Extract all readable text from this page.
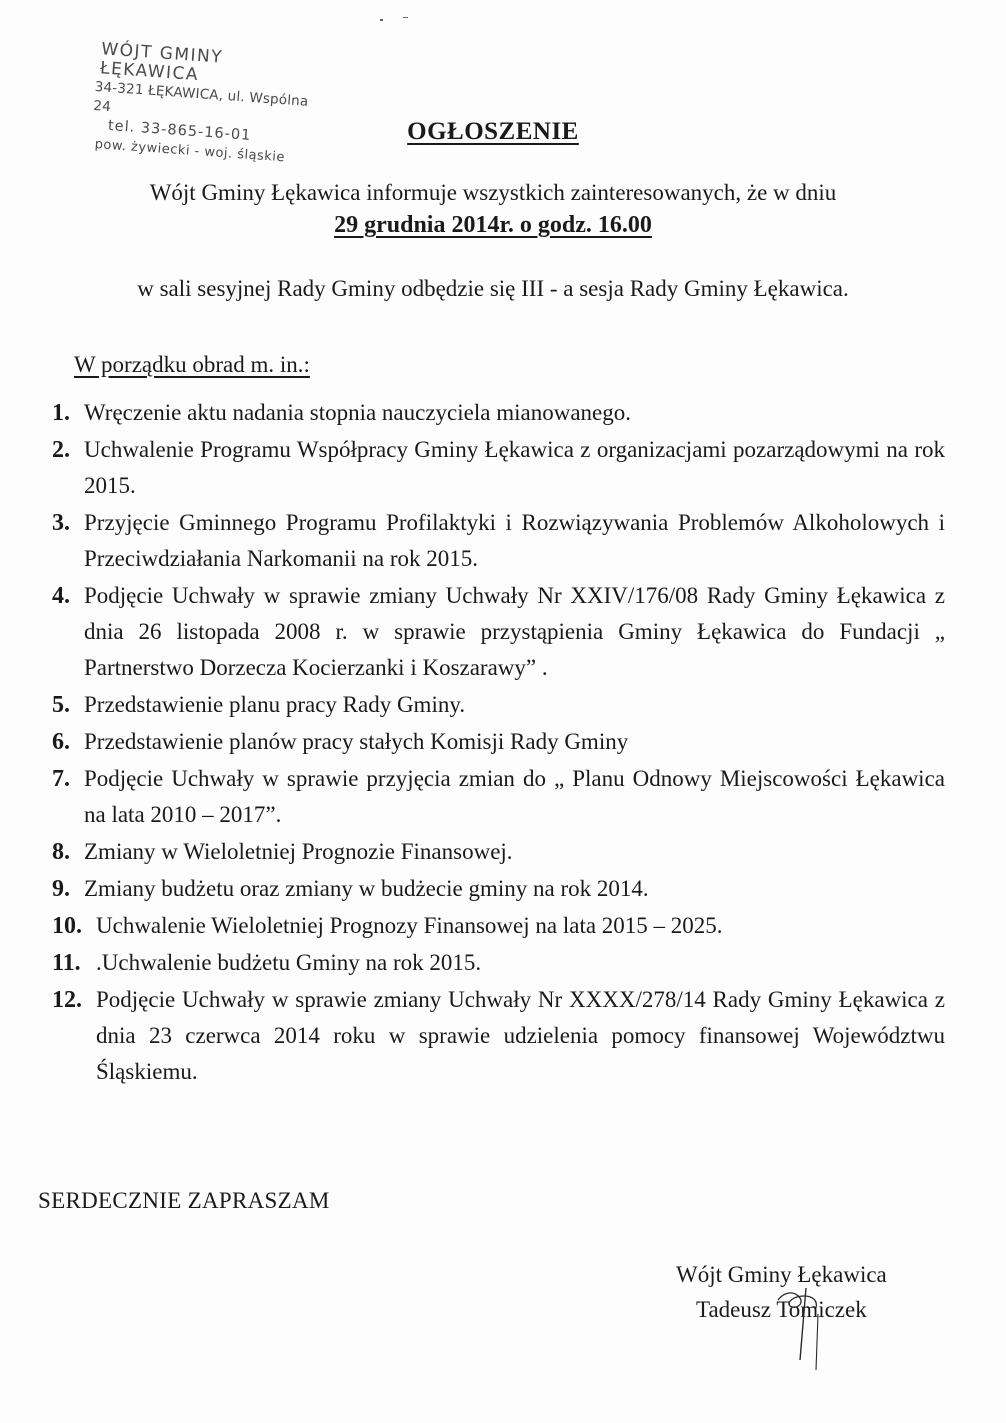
WÓJT GMINY ŁĘKAWICA
34-321 ŁĘKAWICA, ul. Wspólna 24
tel. 33-865-16-01
pow. żywiecki - woj. śląskie
OGŁOSZENIE
Wójt Gminy Łękawica informuje wszystkich zainteresowanych, że w dniu
29 grudnia 2014r. o godz. 16.00
w sali sesyjnej Rady Gminy odbędzie się III - a sesja Rady Gminy Łękawica.
W porządku obrad m. in.:
1. Wręczenie aktu nadania stopnia nauczyciela mianowanego.
2. Uchwalenie Programu Współpracy Gminy Łękawica z organizacjami pozarządowymi na rok 2015.
3. Przyjęcie Gminnego Programu Profilaktyki i Rozwiązywania Problemów Alkoholowych i Przeciwdziałania Narkomanii na rok 2015.
4. Podjęcie Uchwały w sprawie zmiany Uchwały Nr XXIV/176/08 Rady Gminy Łękawica z dnia 26 listopada 2008 r. w sprawie przystąpienia Gminy Łękawica do Fundacji „ Partnerstwo Dorzecza Kocierzanki i Koszarawy” .
5. Przedstawienie planu pracy Rady Gminy.
6. Przedstawienie planów pracy stałych Komisji Rady Gminy
7. Podjęcie Uchwały w sprawie przyjęcia zmian do „ Planu Odnowy Miejscowości Łękawica na lata 2010 – 2017”.
8. Zmiany w Wieloletniej Prognozie Finansowej.
9. Zmiany budżetu oraz zmiany w budżecie gminy na rok 2014.
10. Uchwalenie Wieloletniej Prognozy Finansowej na lata 2015 – 2025.
11. .Uchwalenie budżetu Gminy na rok 2015.
12. Podjęcie Uchwały w sprawie zmiany Uchwały Nr XXXX/278/14 Rady Gminy Łękawica z dnia 23 czerwca 2014 roku w sprawie udzielenia pomocy finansowej Województwu Śląskiemu.
SERDECZNIE ZAPRASZAM
Wójt Gminy Łękawica
Tadeusz Tomiczek
